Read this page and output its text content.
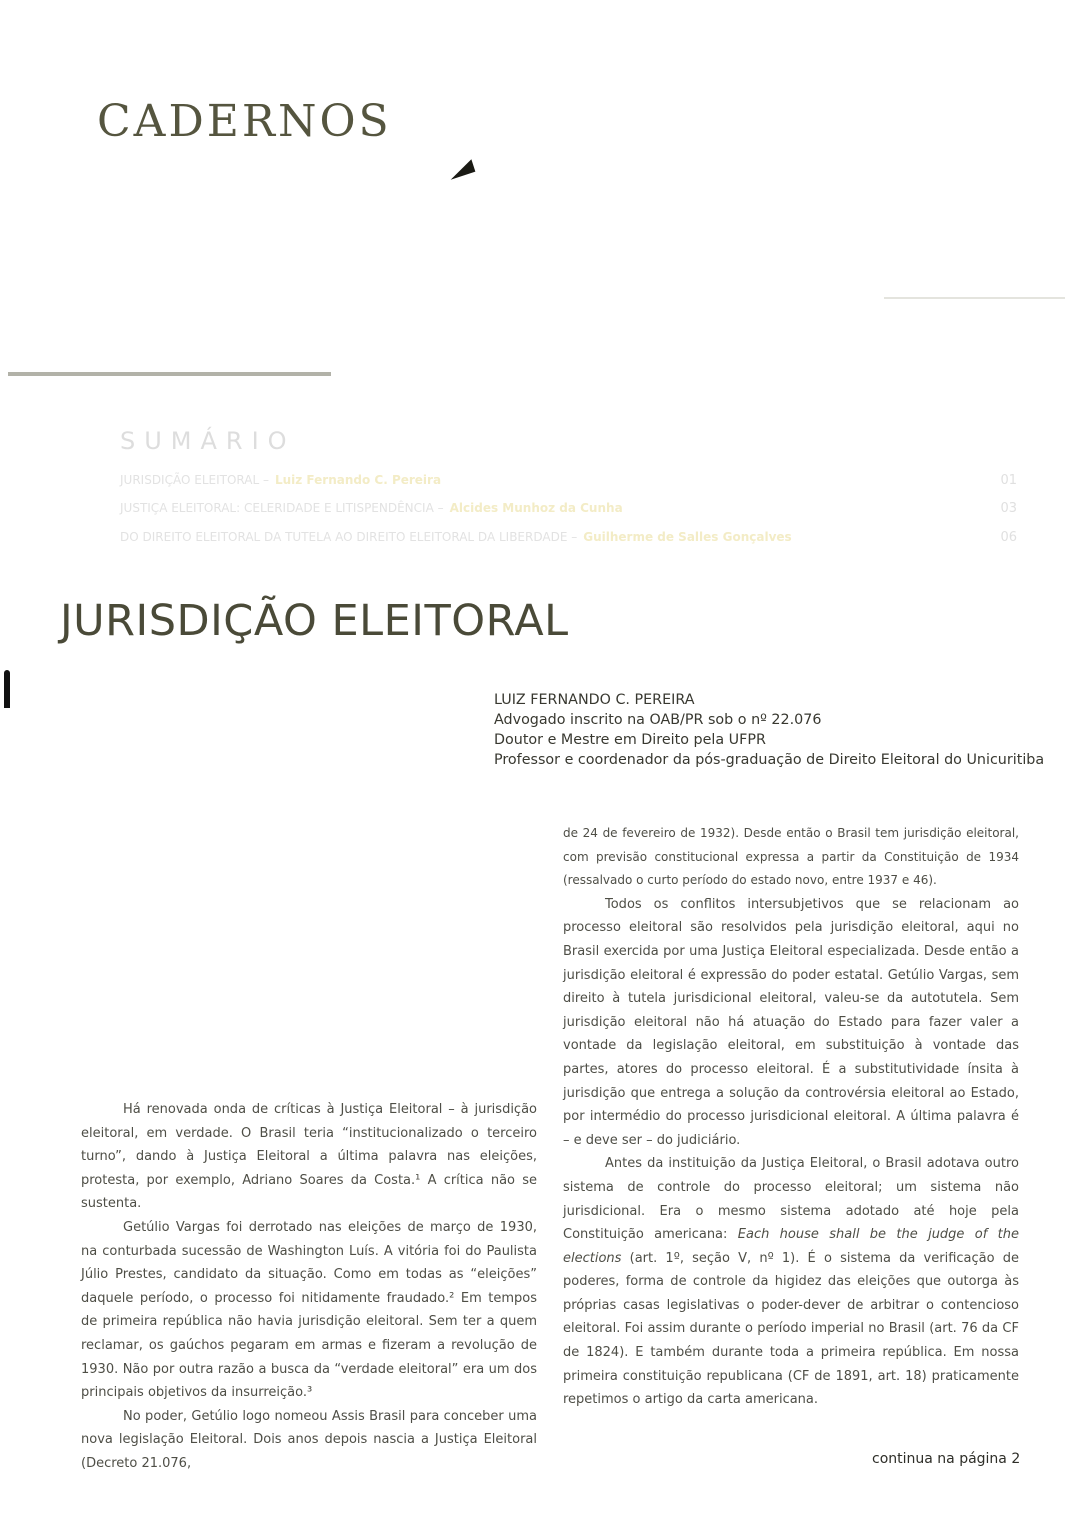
CADERNOS
SUMÁRIO
JURISDIÇÃO ELEITORAL – Luiz Fernando C. Pereira	01
JUSTIÇA ELEITORAL: CELERIDADE E LITISPENDÊNCIA – Alcides Munhoz da Cunha	03
DO DIREITO ELEITORAL DA TUTELA AO DIREITO ELEITORAL DA LIBERDADE – Guilherme de Salles Gonçalves	06
JURISDIÇÃO ELEITORAL
LUIZ FERNANDO C. PEREIRA
Advogado inscrito na OAB/PR sob o nº 22.076
Doutor e Mestre em Direito pela UFPR
Professor e coordenador da pós-graduação de Direito Eleitoral do Unicuritiba

Há renovada onda de críticas à Justiça Eleitoral – à jurisdição eleitoral, em verdade. O Brasil teria “institucionalizado o terceiro turno”, dando à Justiça Eleitoral a última palavra nas eleições, protesta, por exemplo, Adriano Soares da Costa.¹ A crítica não se sustenta.

Getúlio Vargas foi derrotado nas eleições de março de 1930, na conturbada sucessão de Washington Luís. A vitória foi do Paulista Júlio Prestes, candidato da situação. Como em todas as “eleições” daquele período, o processo foi nitidamente fraudado.² Em tempos de primeira república não havia jurisdição eleitoral. Sem ter a quem reclamar, os gaúchos pegaram em armas e fizeram a revolução de 1930. Não por outra razão a busca da “verdade eleitoral” era um dos principais objetivos da insurreição.³

No poder, Getúlio logo nomeou Assis Brasil para conceber uma nova legislação Eleitoral. Dois anos depois nascia a Justiça Eleitoral (Decreto 21.076,

de 24 de fevereiro de 1932). Desde então o Brasil tem jurisdição eleitoral, com previsão constitucional expressa a partir da Constituição de 1934 (ressalvado o curto período do estado novo, entre 1937 e 46).

Todos os conflitos intersubjetivos que se relacionam ao processo eleitoral são resolvidos pela jurisdição eleitoral, aqui no Brasil exercida por uma Justiça Eleitoral especializada. Desde então a jurisdição eleitoral é expressão do poder estatal. Getúlio Vargas, sem direito à tutela jurisdicional eleitoral, valeu-se da autotutela. Sem jurisdição eleitoral não há atuação do Estado para fazer valer a vontade da legislação eleitoral, em substituição à vontade das partes, atores do processo eleitoral. É a substitutividade ínsita à jurisdição que entrega a solução da controvérsia eleitoral ao Estado, por intermédio do processo jurisdicional eleitoral. A última palavra é – e deve ser – do judiciário.

Antes da instituição da Justiça Eleitoral, o Brasil adotava outro sistema de controle do processo eleitoral; um sistema não jurisdicional. Era o mesmo sistema adotado até hoje pela Constituição americana: Each house shall be the judge of the elections (art. 1º, seção V, nº 1). É o sistema da verificação de poderes, forma de controle da higidez das eleições que outorga às próprias casas legislativas o poder-dever de arbitrar o contencioso eleitoral. Foi assim durante o período imperial no Brasil (art. 76 da CF de 1824). E também durante toda a primeira república. Em nossa primeira constituição republicana (CF de 1891, art. 18) praticamente repetimos o artigo da carta americana.

continua na página 2
